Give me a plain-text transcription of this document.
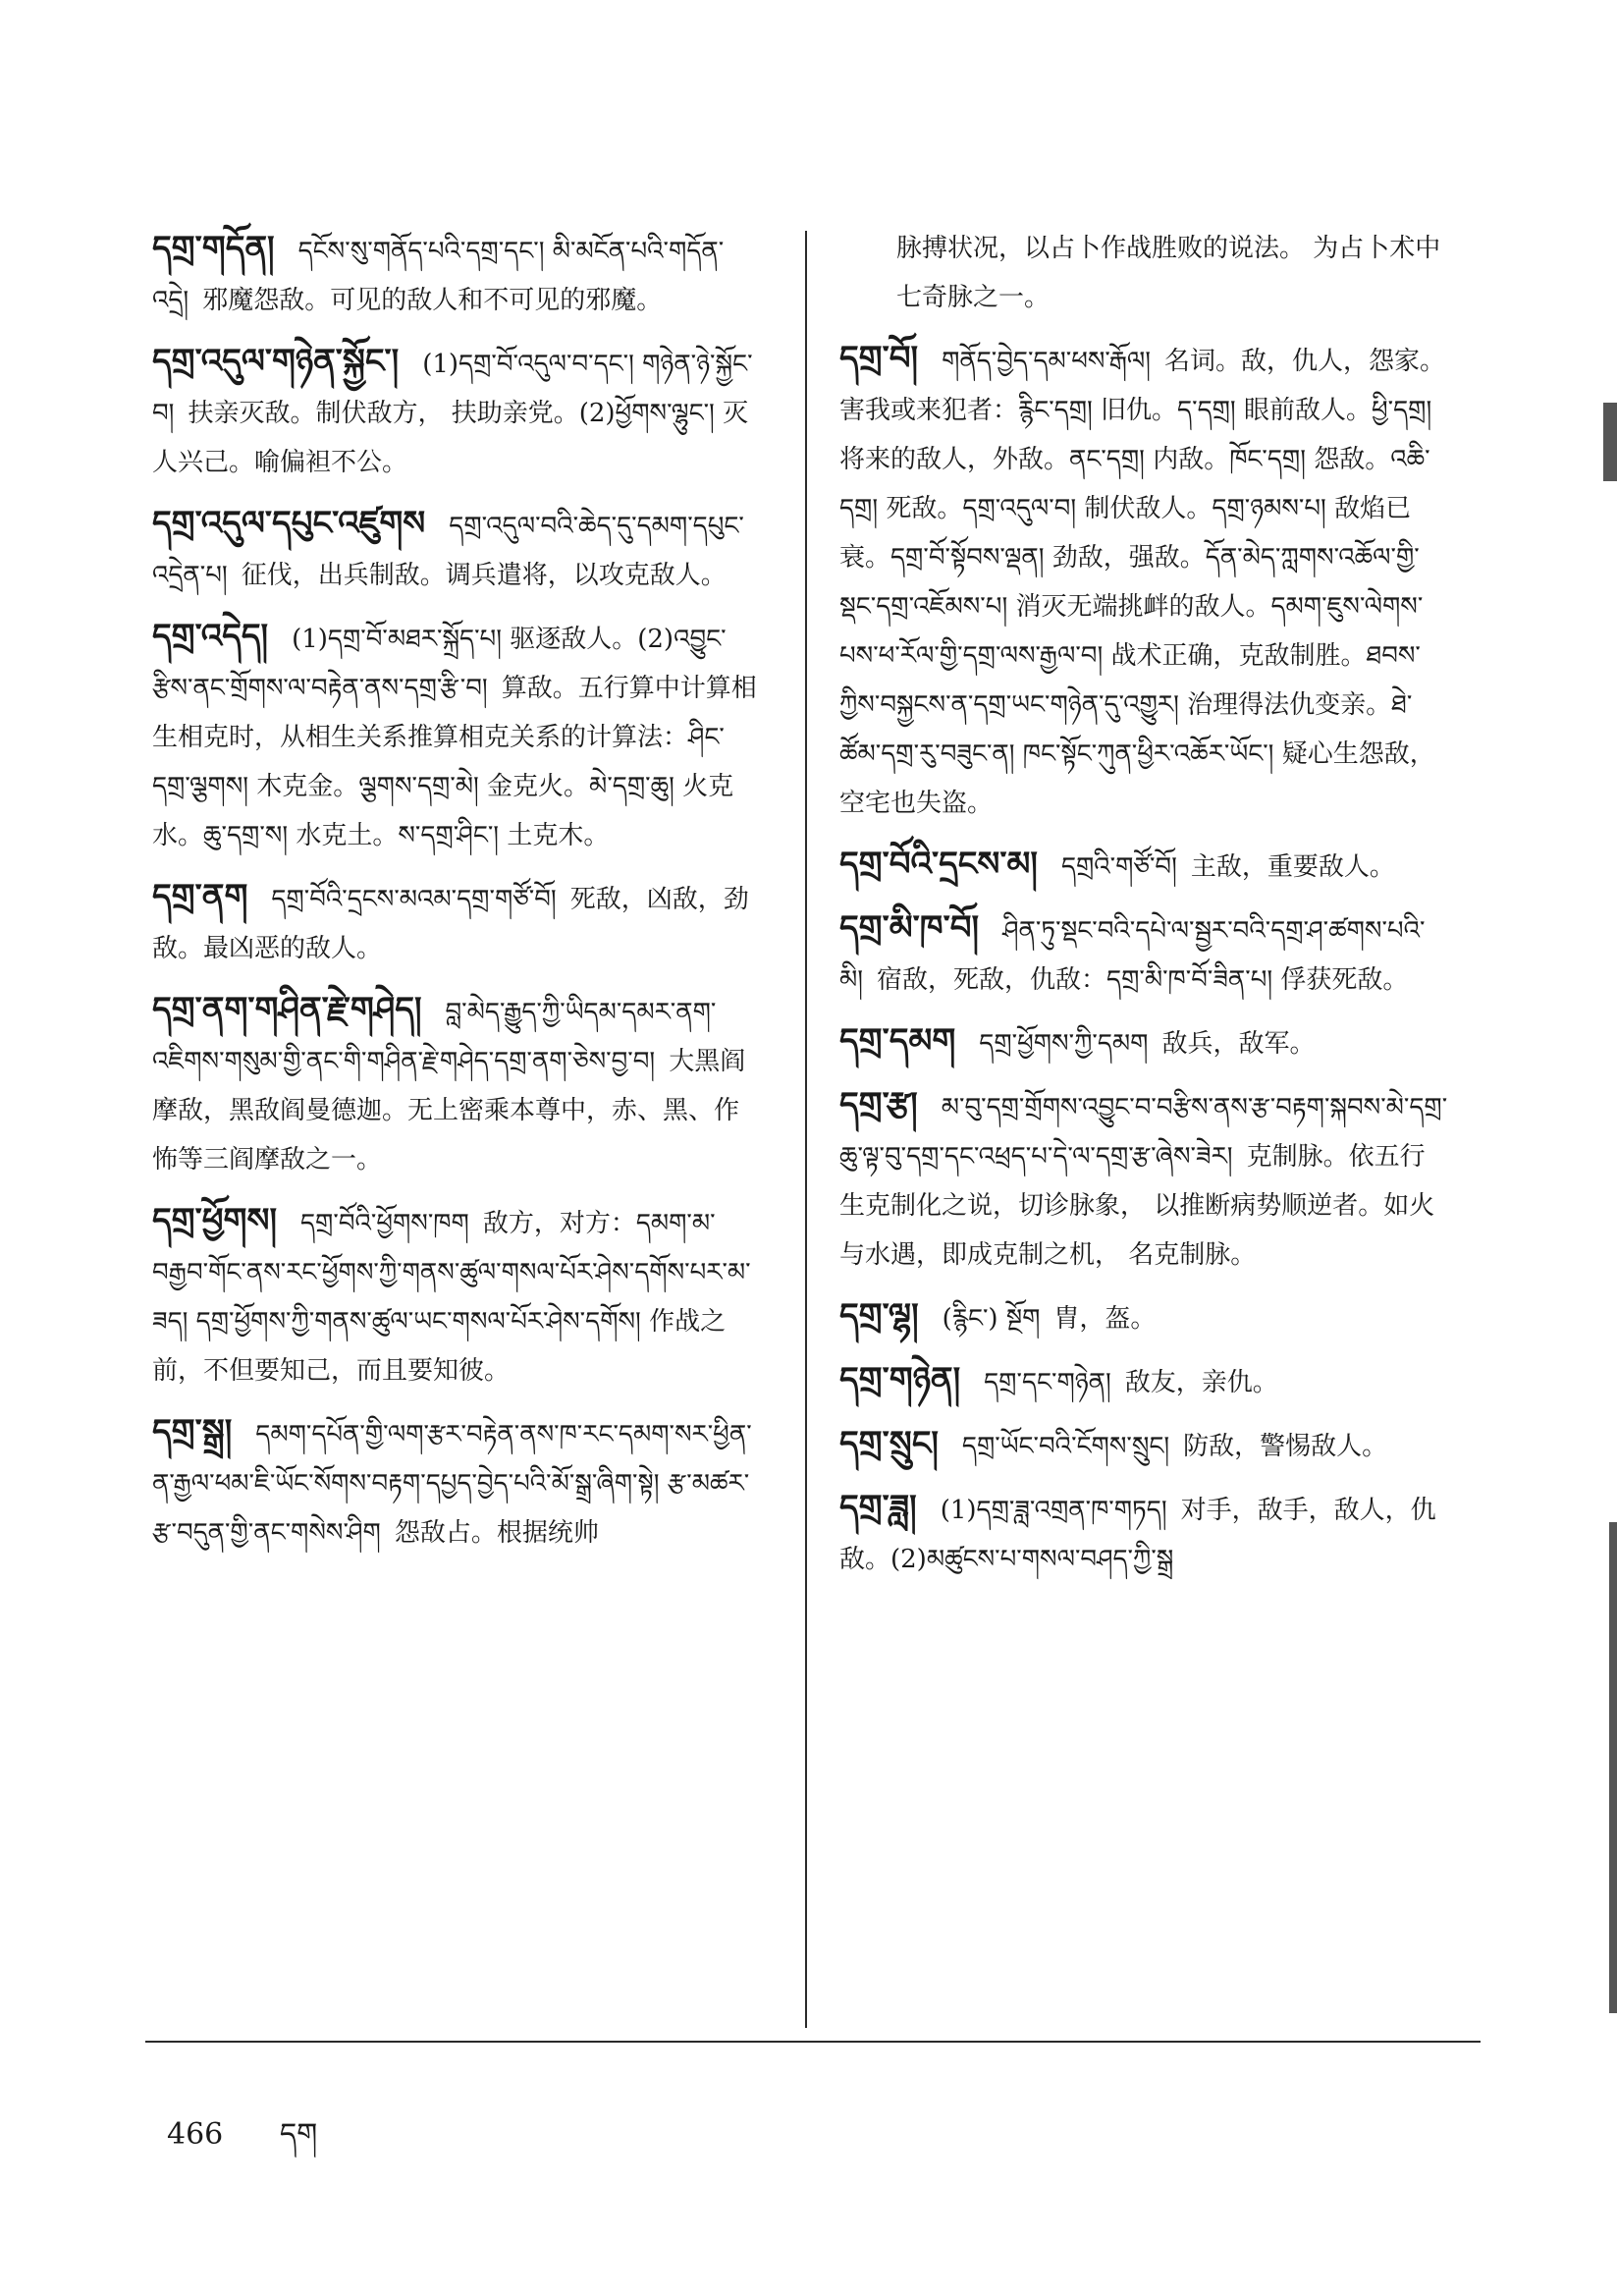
དགྲ་གདོན། དངོས་སུ་གནོད་པའི་དགྲ་དང་། མི་མངོན་པའི་གདོན་འདྲེ། 邪魔怨敌。可见的敌人和不可见的邪魔。
དགྲ་འདུལ་གཉེན་སྐྱོང་། (1)དགྲ་བོ་འདུལ་བ་དང་། གཉེན་ཉེ་སྐྱོང་བ། 扶亲灭敌。制伏敌方， 扶助亲党。(2)ཕྱོགས་ལྷུང་། 灭人兴己。喻偏袒不公。
དགྲ་འདུལ་དཔུང་འཛུགས དགྲ་འདུལ་བའི་ཆེད་དུ་དམག་དཔུང་འདྲེན་པ། 征伐，出兵制敌。调兵遣将，以攻克敌人。
དགྲ་འདེད། (1)དགྲ་བོ་མཐར་སྐྲོད་པ། 驱逐敌人。(2)འབྱུང་རྩིས་ནང་གྲོགས་ལ་བརྟེན་ནས་དགྲ་རྩི་བ། 算敌。五行算中计算相生相克时，从相生关系推算相克关系的计算法：ཤིང་དགྲ་ལྕགས། 木克金。ལྕགས་དགྲ་མེ། 金克火。མེ་དགྲ་ཆུ། 火克水。ཆུ་དགྲ་ས། 水克土。ས་དགྲ་ཤིང་། 土克木。
དགྲ་ནག དགྲ་བོའི་དྲངས་མའམ་དགྲ་གཙོ་བོ། 死敌，凶敌，劲敌。最凶恶的敌人。
དགྲ་ནག་གཤིན་རྗེ་གཤེད། བླ་མེད་རྒྱུད་ཀྱི་ཡིདམ་དམར་ནག་འཇིགས་གསུམ་གྱི་ནང་གི་གཤིན་རྗེ་གཤེད་དགྲ་ནག་ཅེས་བྱ་བ། 大黑阎摩敌，黑敌阎曼德迦。无上密乘本尊中，赤、黑、作怖等三阎摩敌之一。
དགྲ་ཕྱོགས། དགྲ་བོའི་ཕྱོགས་ཁག 敌方，对方：དམག་མ་བརྒྱབ་གོང་ནས་རང་ཕྱོགས་ཀྱི་གནས་ཚུལ་གསལ་པོར་ཤེས་དགོས་པར་མ་ཟད། དགྲ་ཕྱོགས་ཀྱི་གནས་ཚུལ་ཡང་གསལ་པོར་ཤེས་དགོས། 作战之前，不但要知己，而且要知彼。
དགྲ་སྒྲ། དམག་དཔོན་གྱི་ལག་རྩར་བརྟེན་ནས་ཁ་རང་དམག་སར་ཕྱིན་ན་རྒྱལ་ཕམ་ཇི་ཡོང་སོགས་བརྟག་དཔྱད་བྱེད་པའི་མོ་སྒྲ་ཞིག་སྟེ། རྩ་མཚར་རྩ་བདུན་གྱི་ནང་གསེས་ཤིག 怨敌占。根据统帅
脉搏状况，以占卜作战胜败的说法。 为占卜术中七奇脉之一。
དགྲ་བོ། གནོད་བྱེད་དམ་ཕས་རྒོལ། 名词。敌，仇人，怨家。害我或来犯者：རྙིང་དགྲ། 旧仇。ད་དགྲ། 眼前敌人。ཕྱི་དགྲ། 将来的敌人，外敌。ནང་དགྲ། 内敌。ཁོང་དགྲ། 怨敌。འཆི་དགྲ། 死敌。དགྲ་འདུལ་བ། 制伏敌人。དགྲ་ཉམས་པ། 敌焰已衰。དགྲ་བོ་སྟོབས་ལྡན། 劲敌，强敌。དོན་མེད་ཀླགས་འཆོལ་གྱི་སྡང་དགྲ་འཇོམས་པ། 消灭无端挑衅的敌人。དམག་ཇུས་ལེགས་པས་ཕ་རོལ་གྱི་དགྲ་ལས་རྒྱལ་བ། 战术正确，克敌制胜。ཐབས་ཀྱིས་བསྐྱངས་ན་དགྲ་ཡང་གཉེན་དུ་འགྱུར། 治理得法仇变亲。ཐེ་ཚོམ་དགྲ་རུ་བཟུང་ན། ཁང་སྟོང་ཀུན་ཕྱིར་འཆོར་ཡོང་། 疑心生怨敌，空宅也失盗。
དགྲ་བོའི་དྲངས་མ། དགྲའི་གཙོ་བོ། 主敌，重要敌人。
དགྲ་མི་ཁ་བོ། ཤིན་ཏུ་སྡང་བའི་དཔེ་ལ་སྦྱར་བའི་དགྲ་ཤ་ཚགས་པའི་མི། 宿敌，死敌，仇敌：དགྲ་མི་ཁ་བོ་ཟིན་པ། 俘获死敌。
དགྲ་དམག དགྲ་ཕྱོགས་ཀྱི་དམག 敌兵，敌军。
དགྲ་རྩ། མ་བུ་དགྲ་གྲོགས་འབྱུང་བ་བརྩིས་ནས་རྩ་བརྟག་སྐབས་མེ་དགྲ་ཆུ་ལྟ་བུ་དགྲ་དང་འཕྲད་པ་དེ་ལ་དགྲ་རྩ་ཞེས་ཟེར། 克制脉。依五行生克制化之说，切诊脉象， 以推断病势顺逆者。如火与水遇，即成克制之机， 名克制脉。
དགྲ་ལྷ། (རྙིང་) སྔོག 胄，盔。
དགྲ་གཉེན། དགྲ་དང་གཉེན། 敌友，亲仇。
དགྲ་སྲུང། དགྲ་ཡོང་བའི་ངོགས་སྲུང། 防敌，警惕敌人。
དགྲ་ཟླ། (1)དགྲ་ཟླ་འགྲན་ཁ་གཏད། 对手，敌手，敌人，仇敌。(2)མཚུངས་པ་གསལ་བཤད་ཀྱི་སྒྲ
466 དག
